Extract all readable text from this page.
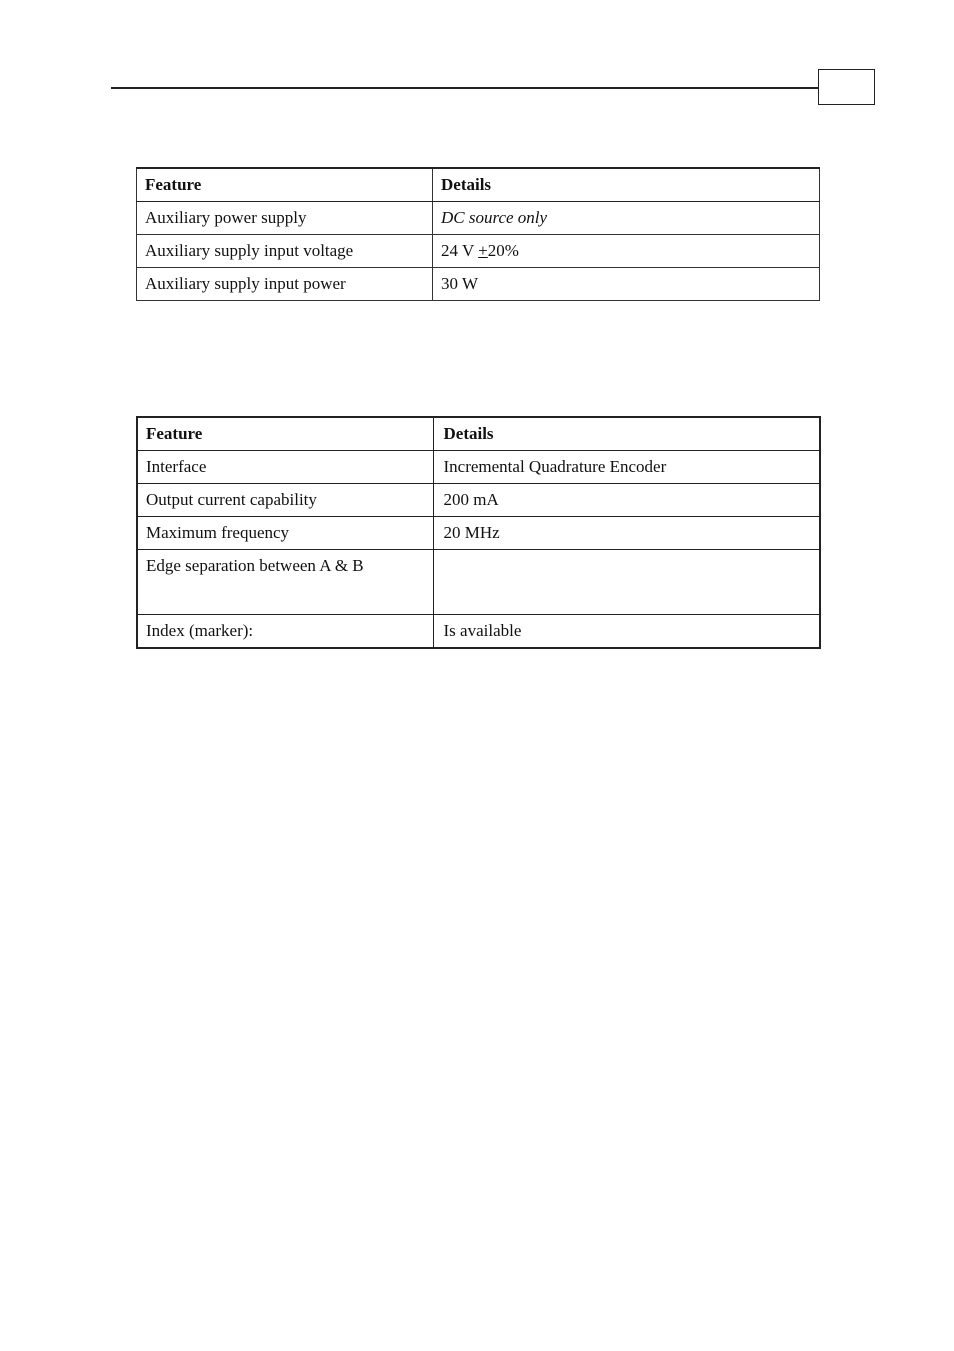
Feature	Details
Auxiliary power supply	DC source only
Auxiliary supply input voltage	24 V +20%
Auxiliary supply input power	30 W
Feature	Details
Interface	Incremental Quadrature Encoder
Output current capability	200 mA
Maximum frequency	20 MHz
Edge separation between A & B	
Index (marker):	Is available
